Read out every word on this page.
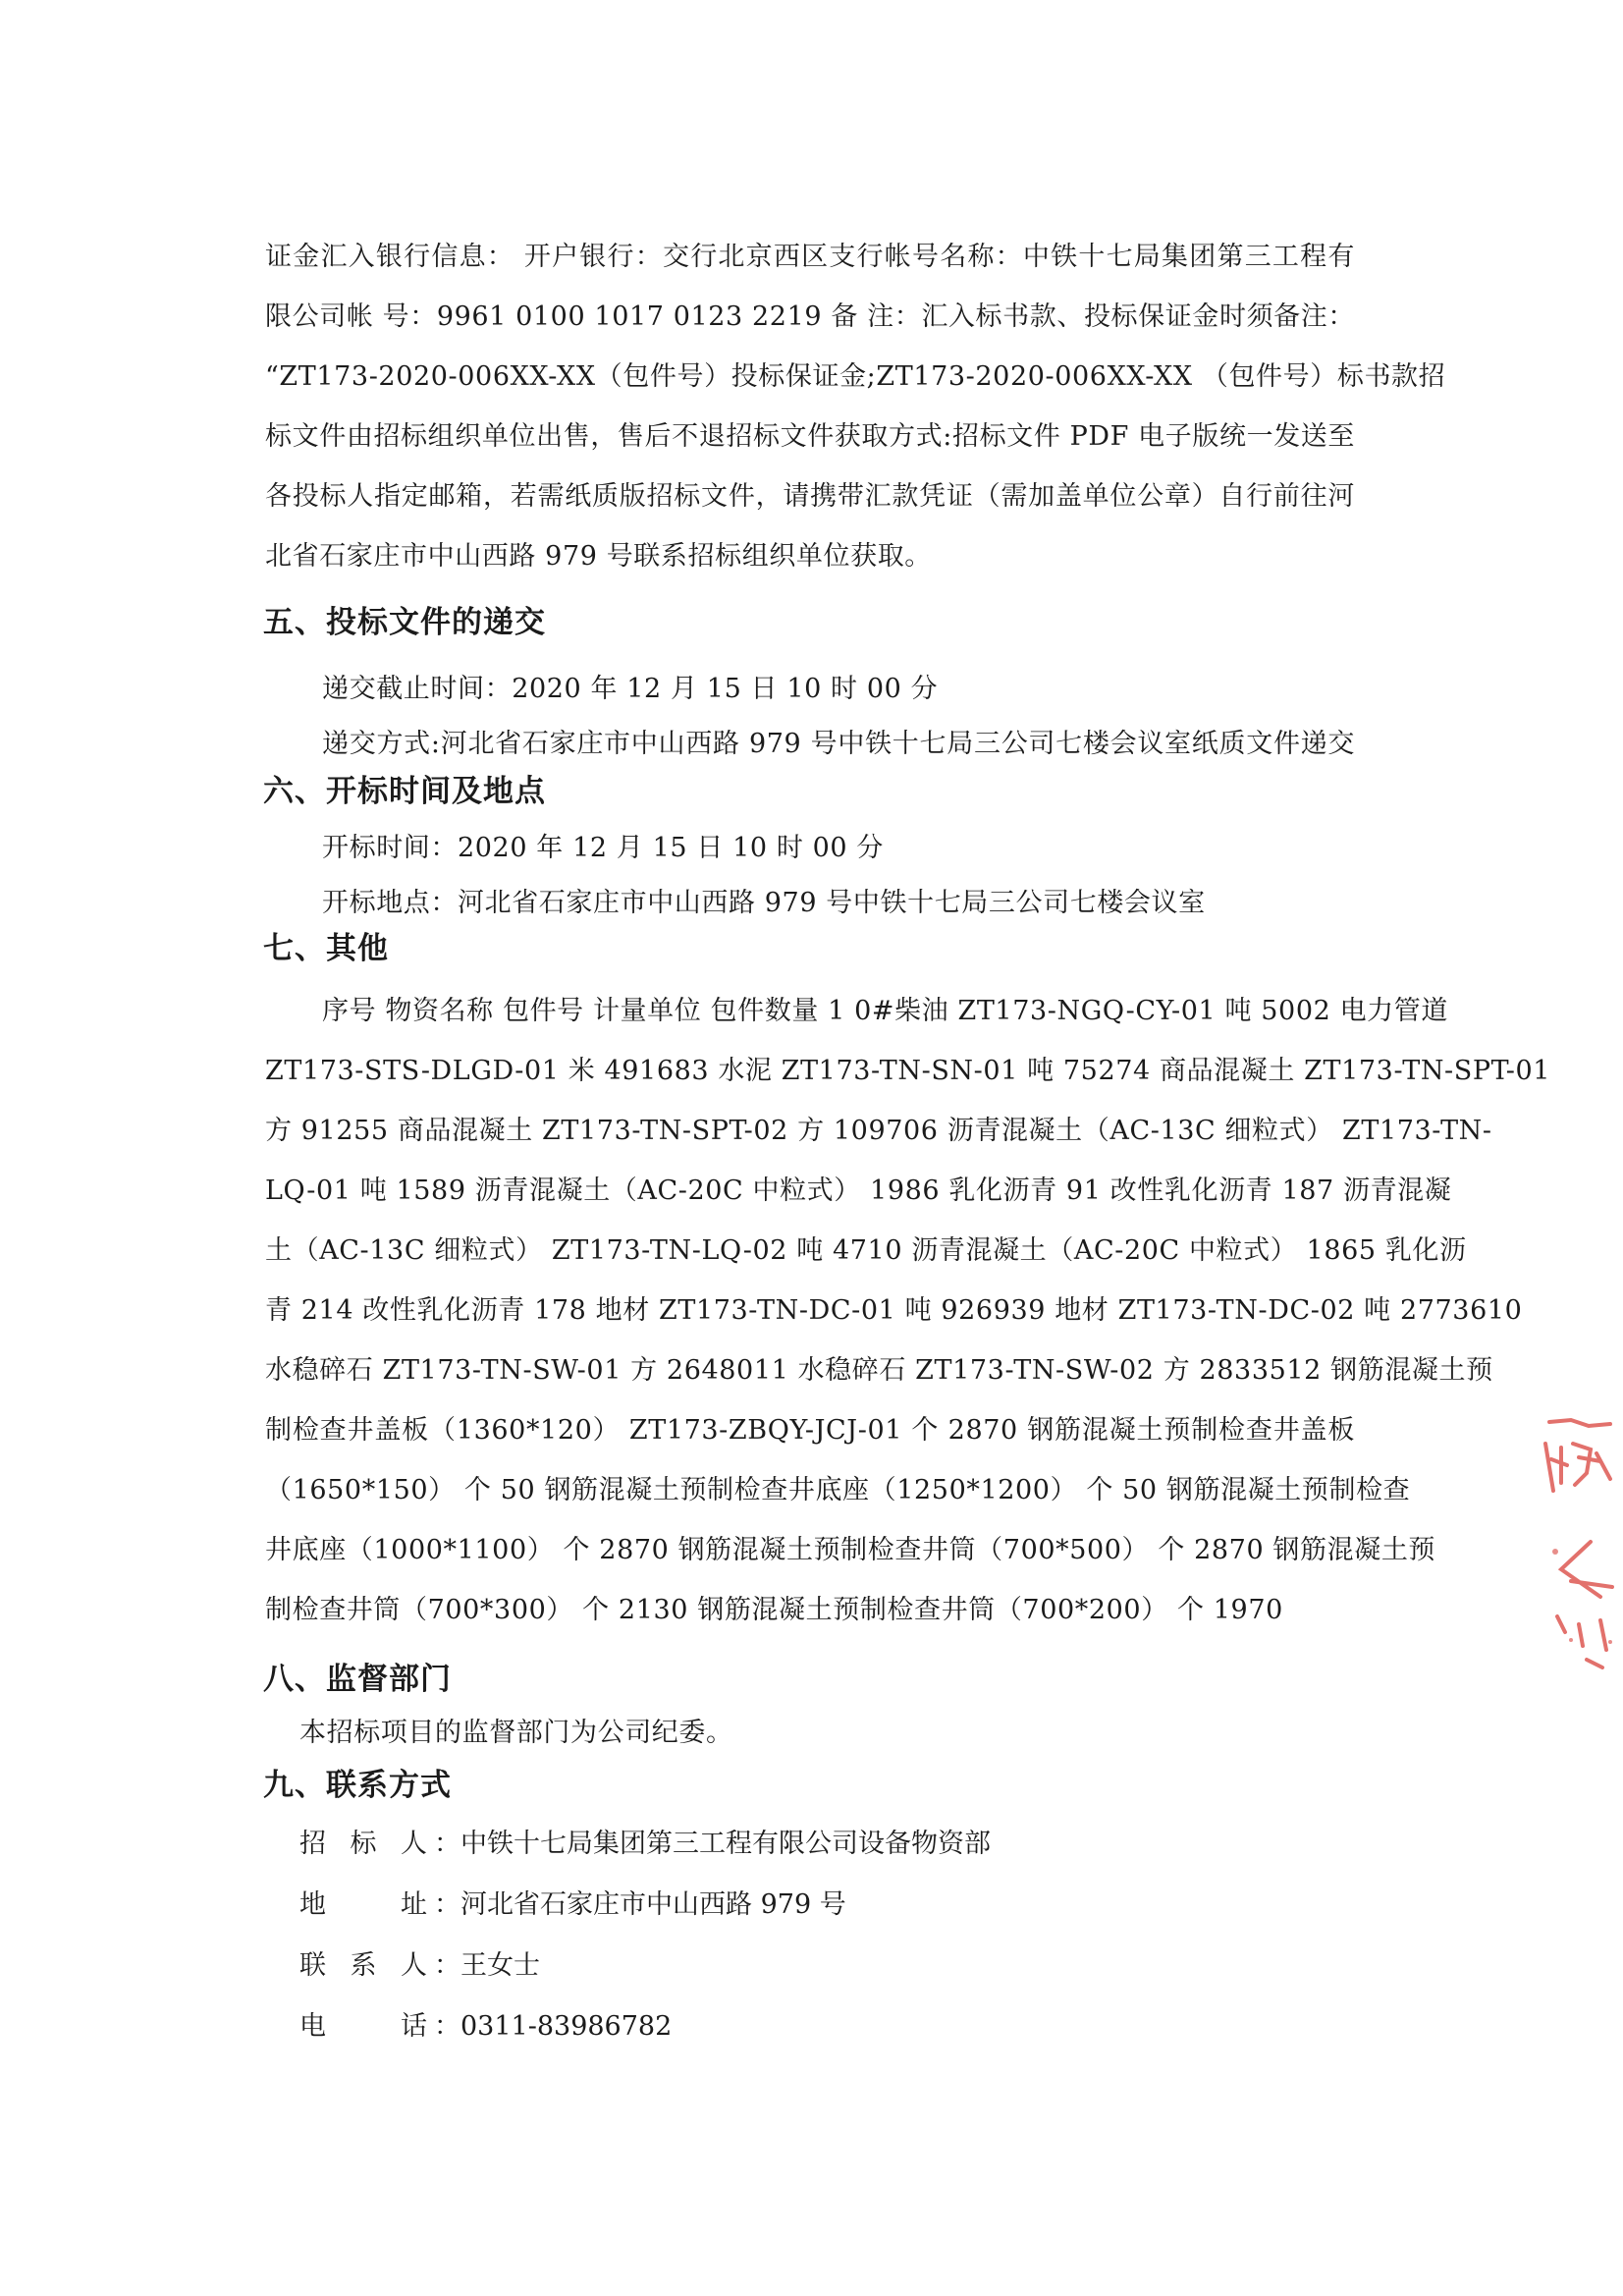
证金汇入银行信息： 开户银行：交行北京西区支行帐号名称：中铁十七局集团第三工程有
限公司帐 号：9961 0100 1017 0123 2219 备 注：汇入标书款、投标保证金时须备注：
“ZT173-2020-006XX-XX（包件号）投标保证金;ZT173-2020-006XX-XX （包件号）标书款招
标文件由招标组织单位出售，售后不退招标文件获取方式:招标文件 PDF 电子版统一发送至
各投标人指定邮箱，若需纸质版招标文件，请携带汇款凭证（需加盖单位公章）自行前往河
北省石家庄市中山西路 979 号联系招标组织单位获取。
五、投标文件的递交
递交截止时间：2020 年 12 月 15 日 10 时 00 分
递交方式:河北省石家庄市中山西路 979 号中铁十七局三公司七楼会议室纸质文件递交
六、开标时间及地点
开标时间：2020 年 12 月 15 日 10 时 00 分
开标地点：河北省石家庄市中山西路 979 号中铁十七局三公司七楼会议室
七、其他
序号 物资名称 包件号 计量单位 包件数量 1 0#柴油 ZT173-NGQ-CY-01 吨 5002 电力管道
ZT173-STS-DLGD-01 米 491683 水泥 ZT173-TN-SN-01 吨 75274 商品混凝土 ZT173-TN-SPT-01
方 91255 商品混凝土 ZT173-TN-SPT-02 方 109706 沥青混凝土（AC-13C 细粒式） ZT173-TN-
LQ-01 吨 1589 沥青混凝土（AC-20C 中粒式） 1986 乳化沥青 91 改性乳化沥青 187 沥青混凝
土（AC-13C 细粒式） ZT173-TN-LQ-02 吨 4710 沥青混凝土（AC-20C 中粒式） 1865 乳化沥
青 214 改性乳化沥青 178 地材 ZT173-TN-DC-01 吨 926939 地材 ZT173-TN-DC-02 吨 2773610
水稳碎石 ZT173-TN-SW-01 方 2648011 水稳碎石 ZT173-TN-SW-02 方 2833512 钢筋混凝土预
制检查井盖板（1360*120） ZT173-ZBQY-JCJ-01 个 2870 钢筋混凝土预制检查井盖板
（1650*150） 个 50 钢筋混凝土预制检查井底座（1250*1200） 个 50 钢筋混凝土预制检查
井底座（1000*1100） 个 2870 钢筋混凝土预制检查井筒（700*500） 个 2870 钢筋混凝土预
制检查井筒（700*300） 个 2130 钢筋混凝土预制检查井筒（700*200） 个 1970
八、监督部门
本招标项目的监督部门为公司纪委。
九、联系方式
招标人 ：中铁十七局集团第三工程有限公司设备物资部
地址 ：河北省石家庄市中山西路 979 号
联系人 ：王女士
电话 ：0311-83986782
